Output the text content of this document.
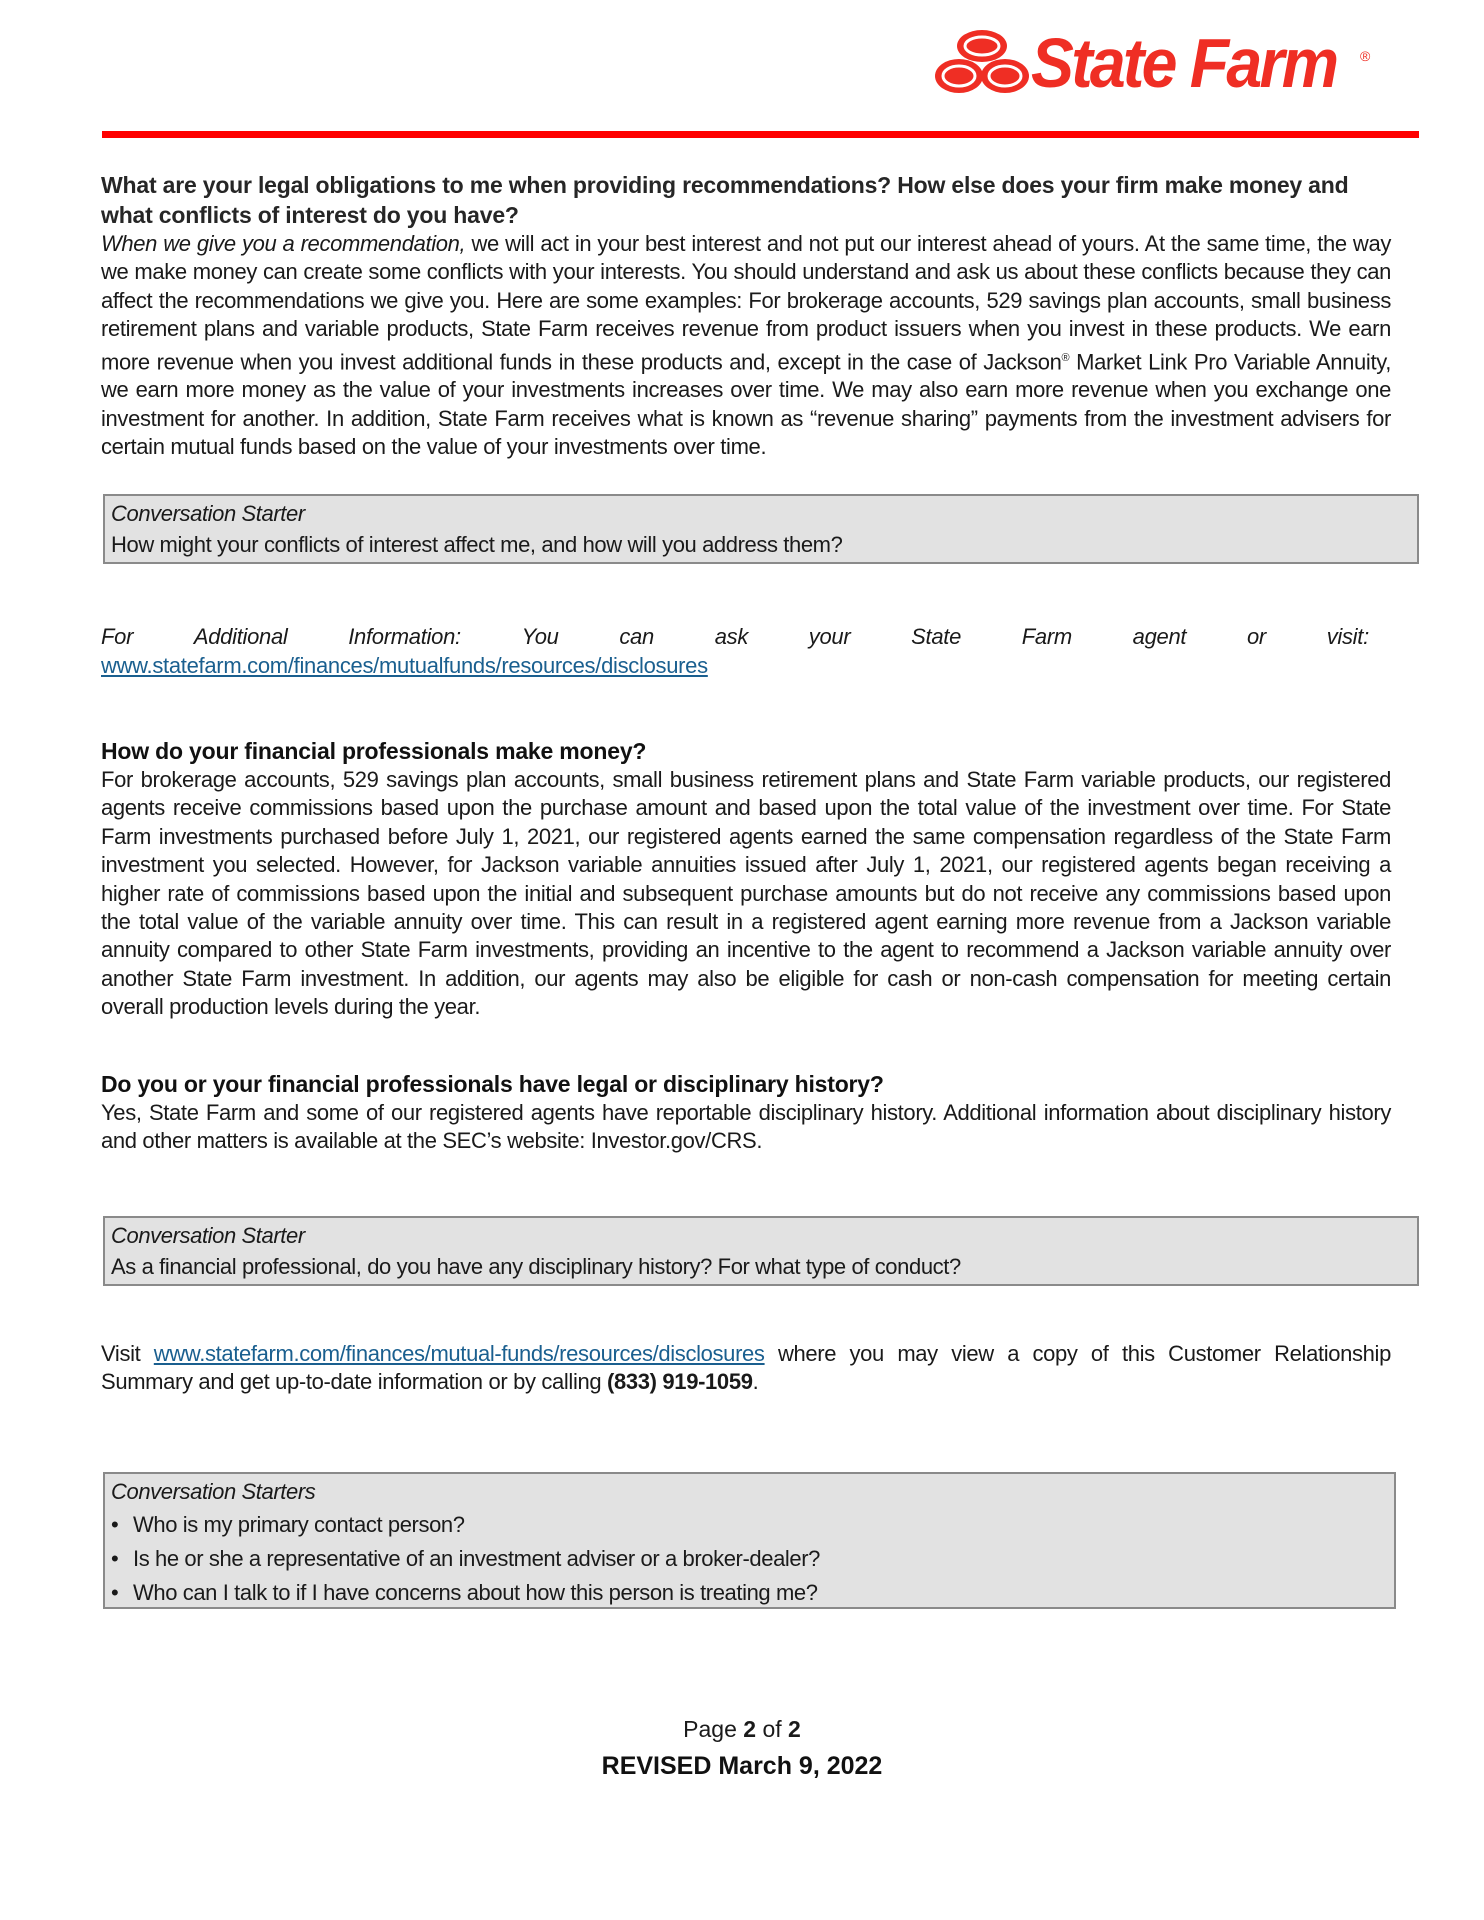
State Farm ®

What are your legal obligations to me when providing recommendations? How else does your firm make money and
what conflicts of interest do you have?

When we give you a recommendation, we will act in your best interest and not put our interest ahead of yours. At the same time, the way we make money can create some conflicts with your interests. You should understand and ask us about these conflicts because they can affect the recommendations we give you. Here are some examples: For brokerage accounts, 529 savings plan accounts, small business retirement plans and variable products, State Farm receives revenue from product issuers when you invest in these products. We earn more revenue when you invest additional funds in these products and, except in the case of Jackson® Market Link Pro Variable Annuity, we earn more money as the value of your investments increases over time. We may also earn more revenue when you exchange one investment for another. In addition, State Farm receives what is known as “revenue sharing” payments from the investment advisers for certain mutual funds based on the value of your investments over time.

Conversation Starter
How might your conflicts of interest affect me, and how will you address them?
For	Additional	Information:	You	can	ask	your	State	Farm	agent	or	visit:
www.statefarm.com/finances/mutualfunds/resources/disclosures

How do your financial professionals make money?

For brokerage accounts, 529 savings plan accounts, small business retirement plans and State Farm variable products, our registered agents receive commissions based upon the purchase amount and based upon the total value of the investment over time. For State Farm investments purchased before July 1, 2021, our registered agents earned the same compensation regardless of the State Farm investment you selected. However, for Jackson variable annuities issued after July 1, 2021, our registered agents began receiving a higher rate of commissions based upon the initial and subsequent purchase amounts but do not receive any commissions based upon the total value of the variable annuity over time. This can result in a registered agent earning more revenue from a Jackson variable annuity compared to other State Farm investments, providing an incentive to the agent to recommend a Jackson variable annuity over another State Farm investment. In addition, our agents may also be eligible for cash or non-cash compensation for meeting certain overall production levels during the year.

Do you or your financial professionals have legal or disciplinary history?

Yes, State Farm and some of our registered agents have reportable disciplinary history. Additional information about disciplinary history and other matters is available at the SEC’s website: Investor.gov/CRS.

Conversation Starter
As a financial professional, do you have any disciplinary history? For what type of conduct?

Visit www.statefarm.com/finances/mutual-funds/resources/disclosures where you may view a copy of this Customer Relationship Summary and get up-to-date information or by calling (833) 919-1059.

Conversation Starters
• Who is my primary contact person?
• Is he or she a representative of an investment adviser or a broker-dealer?
• Who can I talk to if I have concerns about how this person is treating me?
Page 2 of 2
REVISED March 9, 2022
